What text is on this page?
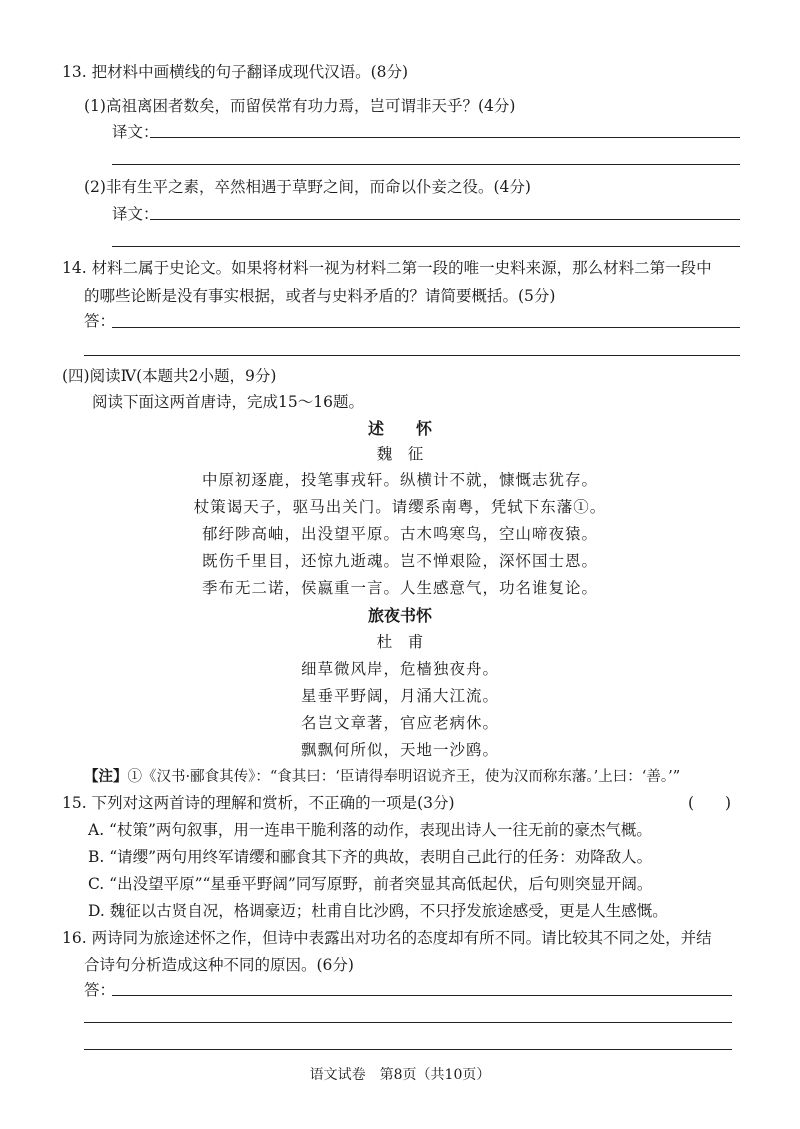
13. 把材料中画横线的句子翻译成现代汉语。(8分)
(1)高祖离困者数矣，而留侯常有功力焉，岂可谓非天乎？(4分)
译文：
(2)非有生平之素，卒然相遇于草野之间，而命以仆妾之役。(4分)
译文：
14. 材料二属于史论文。如果将材料一视为材料二第一段的唯一史料来源，那么材料二第一段中
的哪些论断是没有事实根据，或者与史料矛盾的？请简要概括。(5分)
答：
(四)阅读Ⅳ(本题共2小题，9分)
阅读下面这两首唐诗，完成15～16题。
述　　怀
魏　征
中原初逐鹿，投笔事戎轩。纵横计不就，慷慨志犹存。
杖策谒天子，驱马出关门。请缨系南粤，凭轼下东藩①。
郁纡陟高岫，出没望平原。古木鸣寒鸟，空山啼夜猿。
既伤千里目，还惊九逝魂。岂不惮艰险，深怀国士恩。
季布无二诺，侯嬴重一言。人生感意气，功名谁复论。
旅夜书怀
杜　甫
细草微风岸，危樯独夜舟。
星垂平野阔，月涌大江流。
名岂文章著，官应老病休。
飘飘何所似，天地一沙鸥。
【注】①《汉书·郦食其传》：“食其曰：‘臣请得奉明诏说齐王，使为汉而称东藩。’上曰：‘善。’”
15. 下列对这两首诗的理解和赏析，不正确的一项是(3分)	(　　)
A. “杖策”两句叙事，用一连串干脆利落的动作，表现出诗人一往无前的豪杰气概。
B. “请缨”两句用终军请缨和郦食其下齐的典故，表明自己此行的任务：劝降敌人。
C. “出没望平原”“星垂平野阔”同写原野，前者突显其高低起伏，后句则突显开阔。
D. 魏征以古贤自况，格调豪迈；杜甫自比沙鸥，不只抒发旅途感受，更是人生感慨。
16. 两诗同为旅途述怀之作，但诗中表露出对功名的态度却有所不同。请比较其不同之处，并结
合诗句分析造成这种不同的原因。(6分)
答：
语文试卷　第8页（共10页）
